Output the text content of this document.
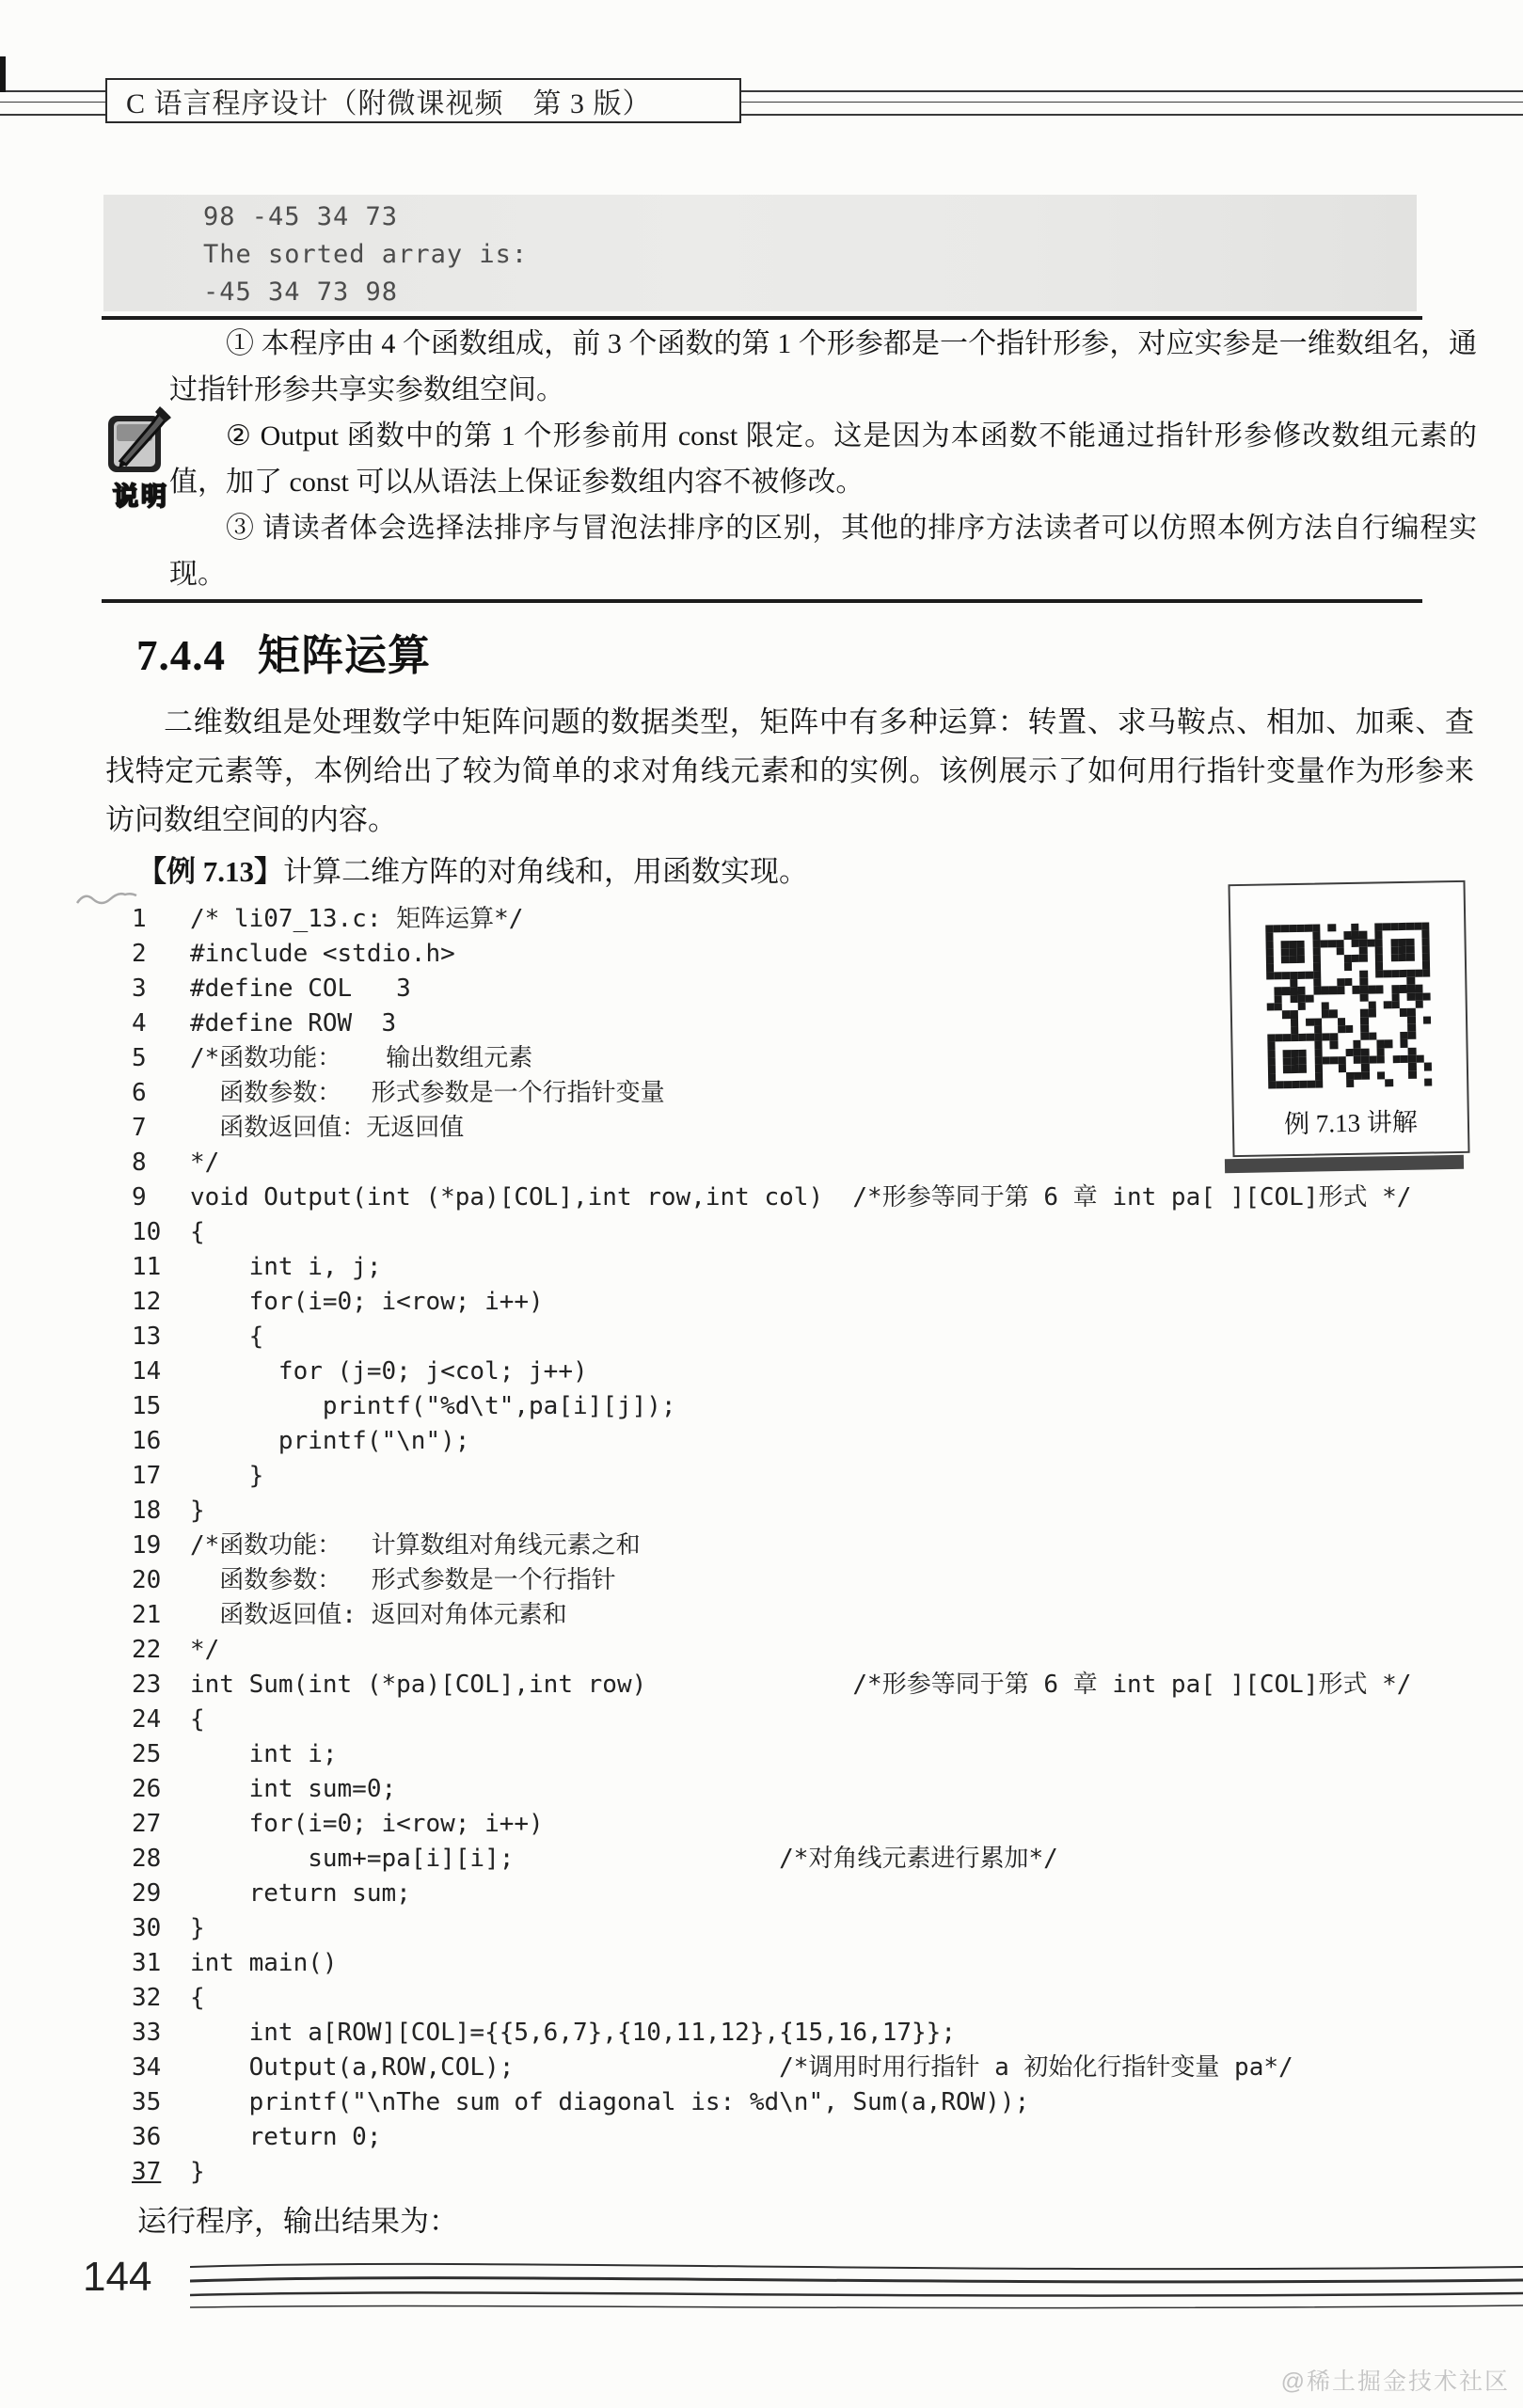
C 语言程序设计（附微课视频　第 3 版）
98 -45 34 73
The sorted array is:
-45 34 73 98
说明

① 本程序由 4 个函数组成，前 3 个函数的第 1 个形参都是一个指针形参，对应实参是一维数组名，通过指针形参共享实参数组空间。

② Output 函数中的第 1 个形参前用 const 限定。这是因为本函数不能通过指针形参修改数组元素的值，加了 const 可以从语法上保证参数组内容不被修改。

③ 请读者体会选择法排序与冒泡法排序的区别，其他的排序方法读者可以仿照本例方法自行编程实现。

7.4.4 矩阵运算
二维数组是处理数学中矩阵问题的数据类型，矩阵中有多种运算：转置、求马鞍点、相加、加乘、查找特定元素等，本例给出了较为简单的求对角线元素和的实例。该例展示了如何用行指针变量作为形参来访问数组空间的内容。
【例 7.13】计算二维方阵的对角线和，用函数实现。
1 /* li07_13.c: 矩阵运算*/
2 #include <stdio.h>
3 #define COL   3
4 #define ROW  3
5 /*函数功能：   输出数组元素
6  函数参数：  形式参数是一个行指针变量
7  函数返回值：无返回值
8 */
9 void Output(int (*pa)[COL],int row,int col)  /*形参等同于第 6 章 int pa[ ][COL]形式 */
10 {
11    int i, j;
12    for(i=0; i<row; i++)
13    {
14      for (j=0; j<col; j++)
15         printf("%d\t",pa[i][j]);
16      printf("\n");
17    }
18 }
19 /*函数功能：  计算数组对角线元素之和
20  函数参数：  形式参数是一个行指针
21  函数返回值: 返回对角体元素和
22 */
23 int Sum(int (*pa)[COL],int row)              /*形参等同于第 6 章 int pa[ ][COL]形式 */
24 {
25    int i;
26    int sum=0;
27    for(i=0; i<row; i++)
28        sum+=pa[i][i];                  /*对角线元素进行累加*/
29    return sum;
30 }
31 int main()
32 {
33    int a[ROW][COL]={{5,6,7},{10,11,12},{15,16,17}};
34    Output(a,ROW,COL);                  /*调用时用行指针 a 初始化行指针变量 pa*/
35    printf("\nThe sum of diagonal is: %d\n", Sum(a,ROW));
36    return 0;
37 }
例 7.13 讲解
运行程序，输出结果为：
144
@稀土掘金技术社区
